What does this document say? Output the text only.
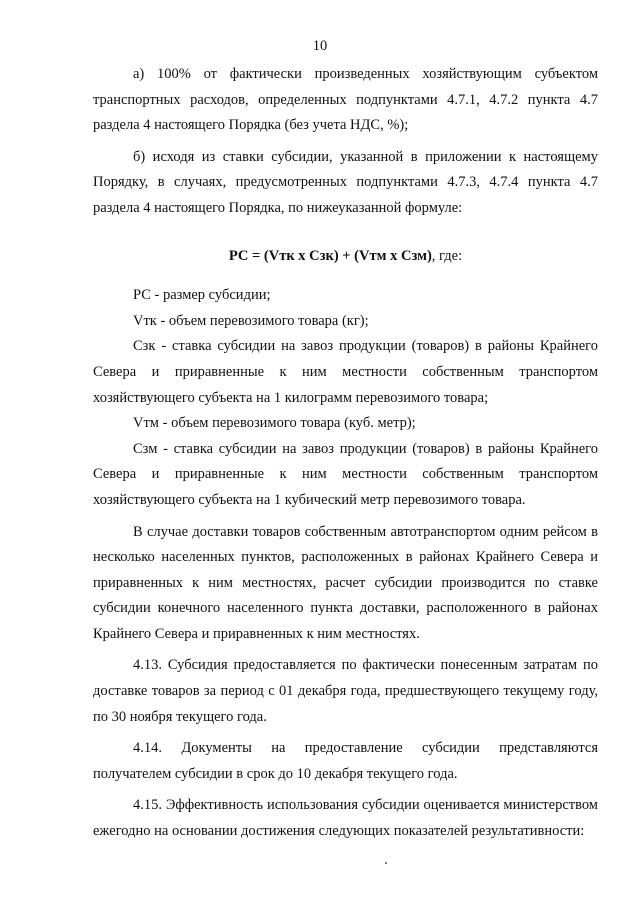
10

а) 100% от фактически произведенных хозяйствующим субъектом транспортных расходов, определенных подпунктами 4.7.1, 4.7.2 пункта 4.7 раздела 4 настоящего Порядка (без учета НДС, %);

б) исходя из ставки субсидии, указанной в приложении к настоящему Порядку, в случаях, предусмотренных подпунктами 4.7.3, 4.7.4 пункта 4.7 раздела 4 настоящего Порядка, по нижеуказанной формуле:

РС = (Vтк х Сзк) + (Vтм х Сзм), где:

РС - размер субсидии;

Vтк - объем перевозимого товара (кг);

Сзк - ставка субсидии на завоз продукции (товаров) в районы Крайнего Севера и приравненные к ним местности собственным транспортом хозяйствующего субъекта на 1 килограмм перевозимого товара;

Vтм - объем перевозимого товара (куб. метр);

Сзм - ставка субсидии на завоз продукции (товаров) в районы Крайнего Севера и приравненные к ним местности собственным транспортом хозяйствующего субъекта на 1 кубический метр перевозимого товара.

В случае доставки товаров собственным автотранспортом одним рейсом в несколько населенных пунктов, расположенных в районах Крайнего Севера и приравненных к ним местностях, расчет субсидии производится по ставке субсидии конечного населенного пункта доставки, расположенного в районах Крайнего Севера и приравненных к ним местностях.

4.13. Субсидия предоставляется по фактически понесенным затратам по доставке товаров за период с 01 декабря года, предшествующего текущему году, по 30 ноября текущего года.

4.14. Документы на предоставление субсидии представляются получателем субсидии в срок до 10 декабря текущего года.

4.15. Эффективность использования субсидии оценивается министерством ежегодно на основании достижения следующих показателей результативности:
